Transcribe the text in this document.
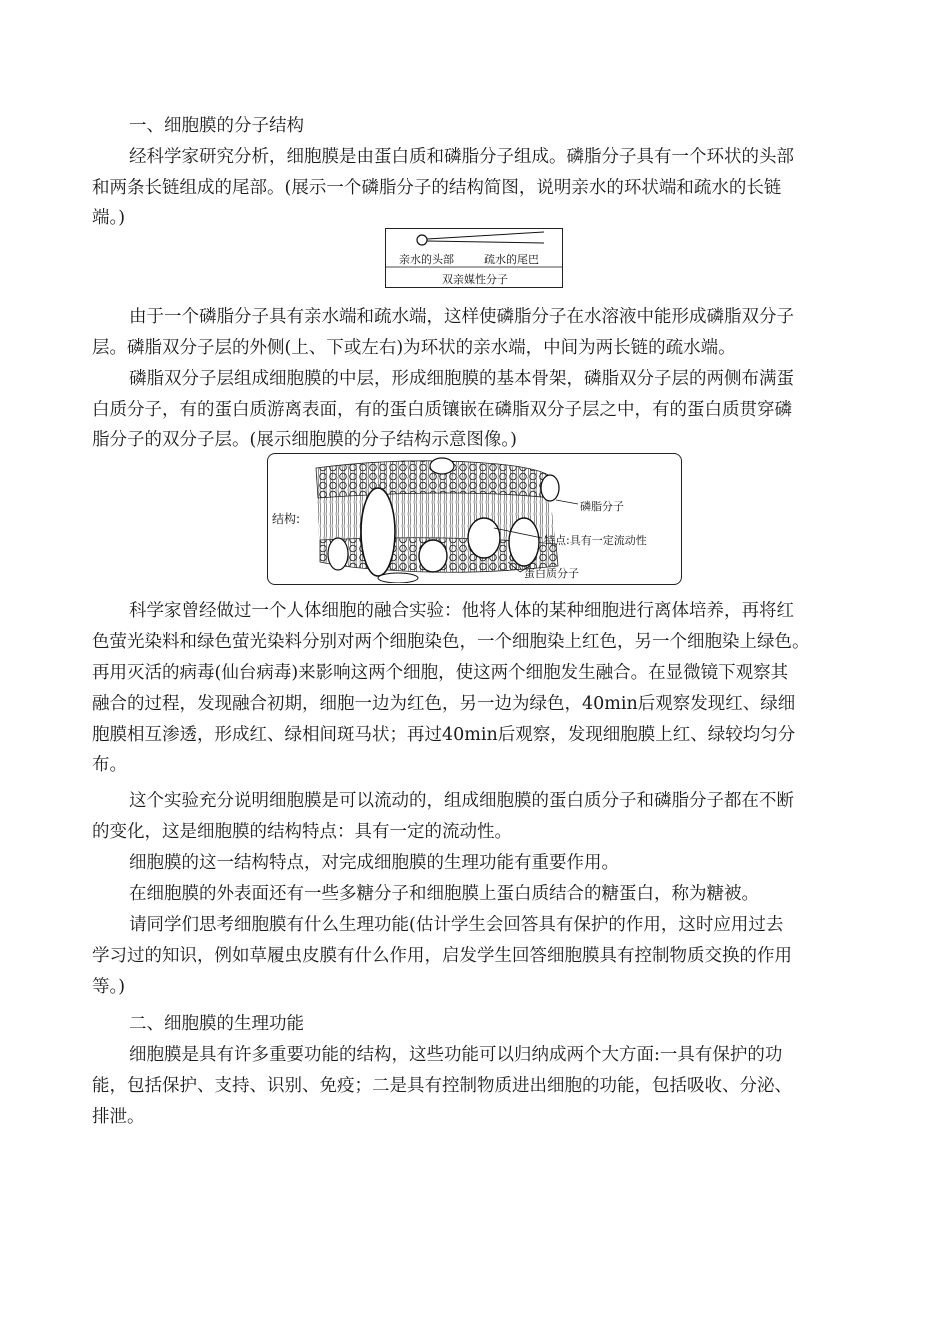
一、细胞膜的分子结构
经科学家研究分析，细胞膜是由蛋白质和磷脂分子组成。磷脂分子具有一个环状的头部
和两条长链组成的尾部。(展示一个磷脂分子的结构简图，说明亲水的环状端和疏水的长链
端。)
亲水的头部	疏水的尾巴
双亲媒性分子
由于一个磷脂分子具有亲水端和疏水端，这样使磷脂分子在水溶液中能形成磷脂双分子
层。磷脂双分子层的外侧(上、下或左右)为环状的亲水端，中间为两长链的疏水端。
磷脂双分子层组成细胞膜的中层，形成细胞膜的基本骨架，磷脂双分子层的两侧布满蛋
白质分子，有的蛋白质游离表面，有的蛋白质镶嵌在磷脂双分子层之中，有的蛋白质贯穿磷
脂分子的双分子层。(展示细胞膜的分子结构示意图像。)
结构:
磷脂分子
特点:具有一定流动性
蛋白质分子
科学家曾经做过一个人体细胞的融合实验：他将人体的某种细胞进行离体培养，再将红
色萤光染料和绿色萤光染料分别对两个细胞染色，一个细胞染上红色，另一个细胞染上绿色。
再用灭活的病毒(仙台病毒)来影响这两个细胞，使这两个细胞发生融合。在显微镜下观察其
融合的过程，发现融合初期，细胞一边为红色，另一边为绿色，40min后观察发现红、绿细
胞膜相互渗透，形成红、绿相间斑马状；再过40min后观察，发现细胞膜上红、绿较均匀分
布。
这个实验充分说明细胞膜是可以流动的，组成细胞膜的蛋白质分子和磷脂分子都在不断
的变化，这是细胞膜的结构特点：具有一定的流动性。
细胞膜的这一结构特点，对完成细胞膜的生理功能有重要作用。
在细胞膜的外表面还有一些多糖分子和细胞膜上蛋白质结合的糖蛋白，称为糖被。
请同学们思考细胞膜有什么生理功能(估计学生会回答具有保护的作用，这时应用过去
学习过的知识，例如草履虫皮膜有什么作用，启发学生回答细胞膜具有控制物质交换的作用
等。)
二、细胞膜的生理功能
细胞膜是具有许多重要功能的结构，这些功能可以归纳成两个大方面:一具有保护的功
能，包括保护、支持、识别、免疫；二是具有控制物质进出细胞的功能，包括吸收、分泌、
排泄。
